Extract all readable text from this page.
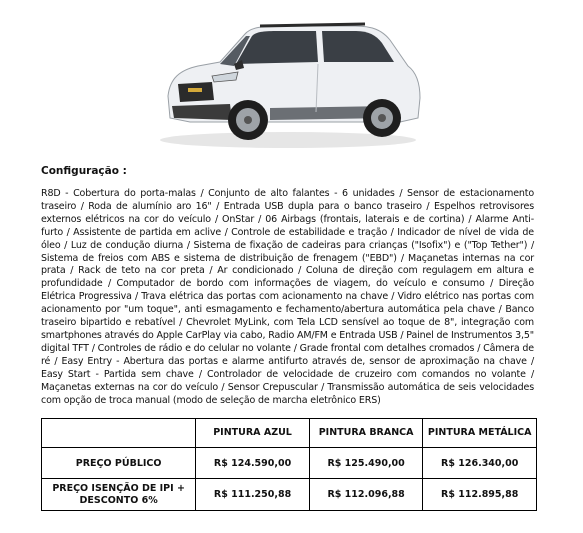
Configuração :
R8D - Cobertura do porta-malas / Conjunto de alto falantes - 6 unidades / Sensor de estacionamento traseiro / Roda de alumínio aro 16" / Entrada USB dupla para o banco traseiro / Espelhos retrovisores externos elétricos na cor do veículo / OnStar / 06 Airbags (frontais, laterais e de cortina) / Alarme Anti-furto / Assistente de partida em aclive / Controle de estabilidade e tração / Indicador de nível de vida de óleo / Luz de condução diurna / Sistema de fixação de cadeiras para crianças ("Isofix") e ("Top Tether") / Sistema de freios com ABS e sistema de distribuição de frenagem ("EBD") / Maçanetas internas na cor prata / Rack de teto na cor preta / Ar condicionado / Coluna de direção com regulagem em altura e profundidade / Computador de bordo com informações de viagem, do veículo e consumo / Direção Elétrica Progressiva / Trava elétrica das portas com acionamento na chave / Vidro elétrico nas portas com acionamento por "um toque", anti esmagamento e fechamento/abertura automática pela chave / Banco traseiro bipartido e rebatível / Chevrolet MyLink, com Tela LCD sensível ao toque de 8", integração com smartphones através do Apple CarPlay via cabo, Radio AM/FM e Entrada USB / Painel de Instrumentos 3,5" digital TFT / Controles de rádio e do celular no volante / Grade frontal com detalhes cromados / Câmera de ré / Easy Entry - Abertura das portas e alarme antifurto através de, sensor de aproximação na chave / Easy Start - Partida sem chave / Controlador de velocidade de cruzeiro com comandos no volante / Maçanetas externas na cor do veículo / Sensor Crepuscular / Transmissão automática de seis velocidades com opção de troca manual (modo de seleção de marcha eletrônico ERS)
	PINTURA AZUL	PINTURA BRANCA	PINTURA METÁLICA
PREÇO PÚBLICO	R$ 124.590,00	R$ 125.490,00	R$ 126.340,00
PREÇO ISENÇÃO DE IPI + DESCONTO 6%	R$ 111.250,88	R$ 112.096,88	R$ 112.895,88
